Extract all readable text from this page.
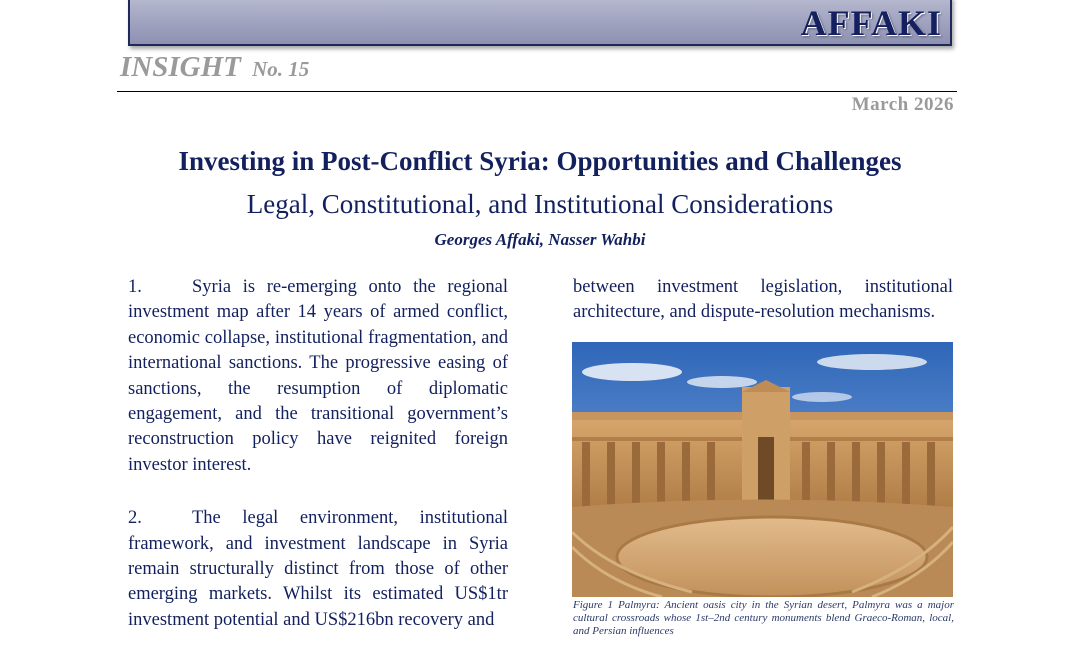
AFFAKI
INSIGHT No. 15
March 2026
Investing in Post-Conflict Syria: Opportunities and Challenges
Legal, Constitutional, and Institutional Considerations
Georges Affaki, Nasser Wahbi

1.	Syria is re-emerging onto the regional investment map after 14 years of armed conflict, economic collapse, institutional fragmentation, and international sanctions. The progressive easing of sanctions, the resumption of diplomatic engagement, and the transitional government’s reconstruction policy have reignited foreign investor interest.

2.	The legal environment, institutional framework, and investment landscape in Syria remain structurally distinct from those of other emerging markets. Whilst its estimated US$1tr investment potential and US$216bn recovery and

between investment legislation, institutional architecture, and dispute-resolution mechanisms.
Figure 1 Palmyra: Ancient oasis city in the Syrian desert, Palmyra was a major cultural crossroads whose 1st–2nd century monuments blend Graeco-Roman, local, and Persian influences
